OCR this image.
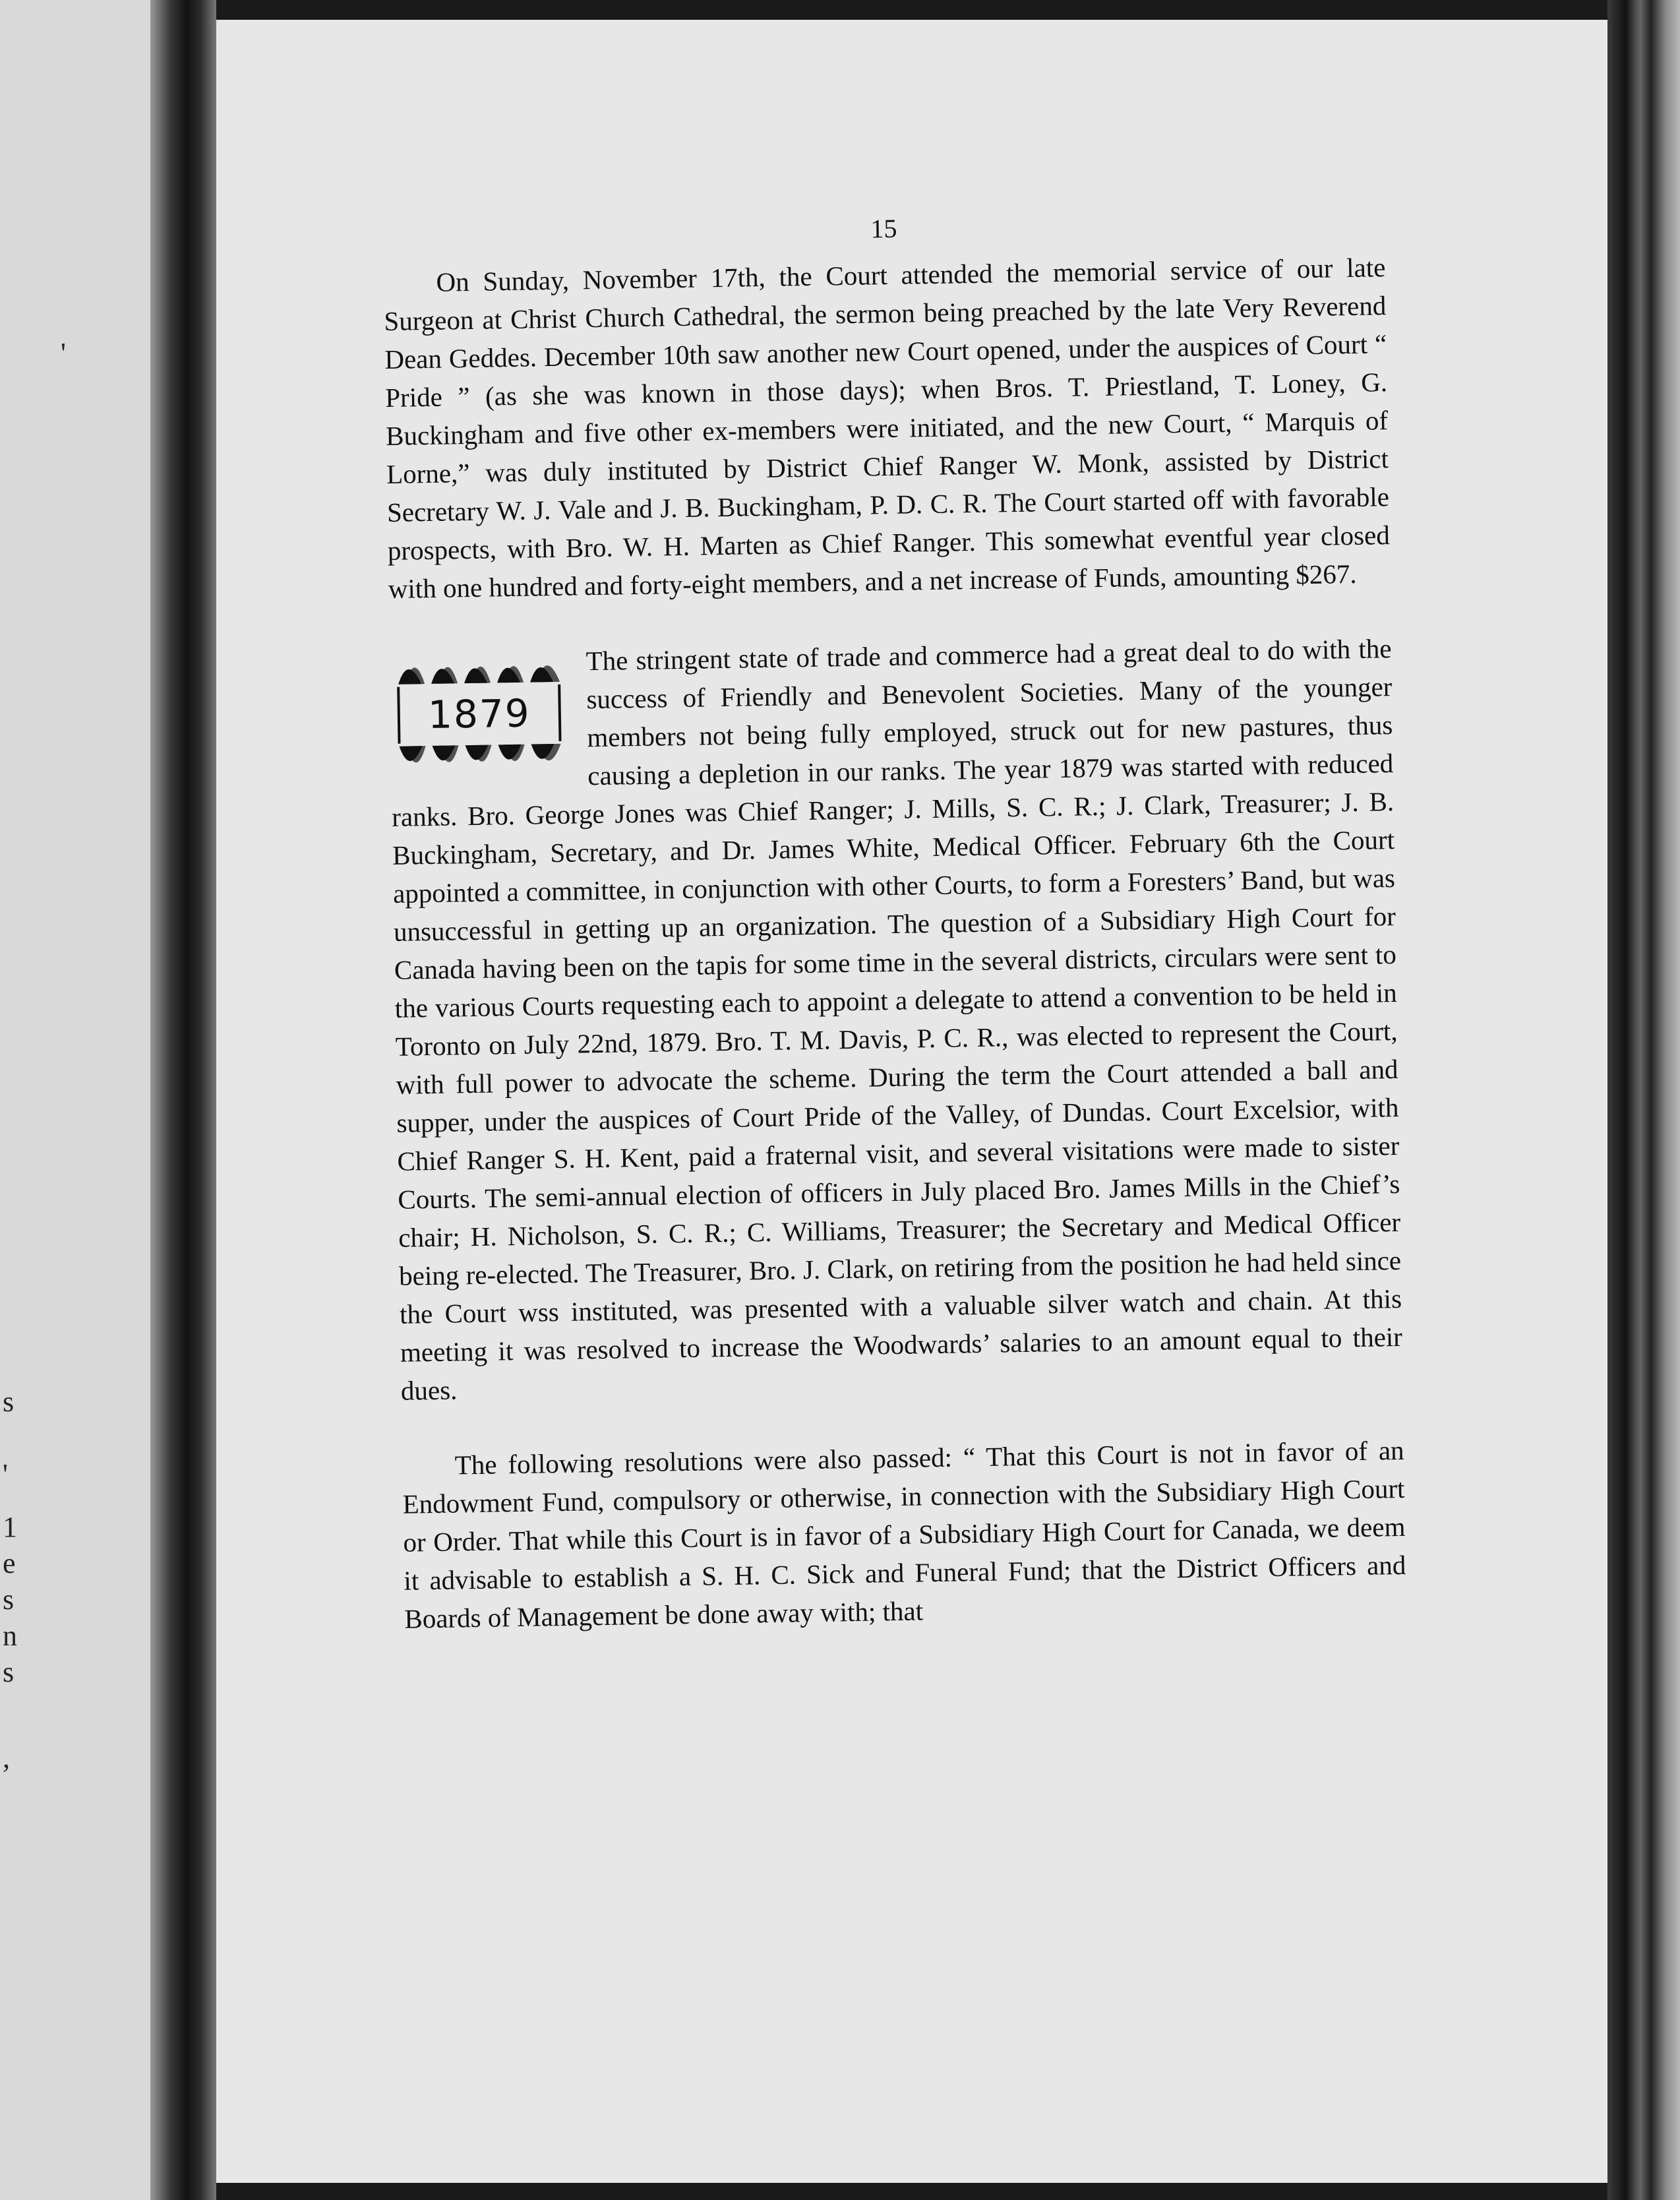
'
s
'
1
e
s
n
s
,
15

On Sunday, November 17th, the Court attended the memorial service of our late Surgeon at Christ Church Cathedral, the sermon being preached by the late Very Reverend Dean Geddes. December 10th saw another new Court opened, under the auspices of Court “ Pride ” (as she was known in those days); when Bros. T. Priestland, T. Loney, G. Buckingham and five other ex-members were initiated, and the new Court, “ Marquis of Lorne,” was duly instituted by District Chief Ranger W. Monk, assisted by District Secretary W. J. Vale and J. B. Buckingham, P. D. C. R. The Court started off with favorable prospects, with Bro. W. H. Marten as Chief Ranger. This somewhat eventful year closed with one hundred and forty-eight members, and a net increase of Funds, amounting $267.

1879

The stringent state of trade and commerce had a great deal to do with the success of Friendly and Benevolent Societies. Many of the younger members not being fully employed, struck out for new pastures, thus causing a depletion in our ranks. The year 1879 was started with reduced ranks. Bro. George Jones was Chief Ranger; J. Mills, S. C. R.; J. Clark, Treasurer; J. B. Buckingham, Secretary, and Dr. James White, Medical Officer. February 6th the Court appointed a committee, in conjunction with other Courts, to form a Foresters’ Band, but was unsuccessful in getting up an organization. The question of a Subsidiary High Court for Canada having been on the tapis for some time in the several districts, circulars were sent to the various Courts requesting each to appoint a delegate to attend a convention to be held in Toronto on July 22nd, 1879. Bro. T. M. Davis, P. C. R., was elected to represent the Court, with full power to advocate the scheme. During the term the Court attended a ball and supper, under the auspices of Court Pride of the Valley, of Dundas. Court Excelsior, with Chief Ranger S. H. Kent, paid a fraternal visit, and several visitations were made to sister Courts. The semi-annual election of officers in July placed Bro. James Mills in the Chief’s chair; H. Nicholson, S. C. R.; C. Williams, Treasurer; the Secretary and Medical Officer being re-elected. The Treasurer, Bro. J. Clark, on retiring from the position he had held since the Court wss instituted, was presented with a valuable silver watch and chain. At this meeting it was resolved to increase the Woodwards’ salaries to an amount equal to their dues.

The following resolutions were also passed: “ That this Court is not in favor of an Endowment Fund, compulsory or otherwise, in connection with the Subsidiary High Court or Order. That while this Court is in favor of a Subsidiary High Court for Canada, we deem it advisable to establish a S. H. C. Sick and Funeral Fund; that the District Officers and Boards of Management be done away with; that
